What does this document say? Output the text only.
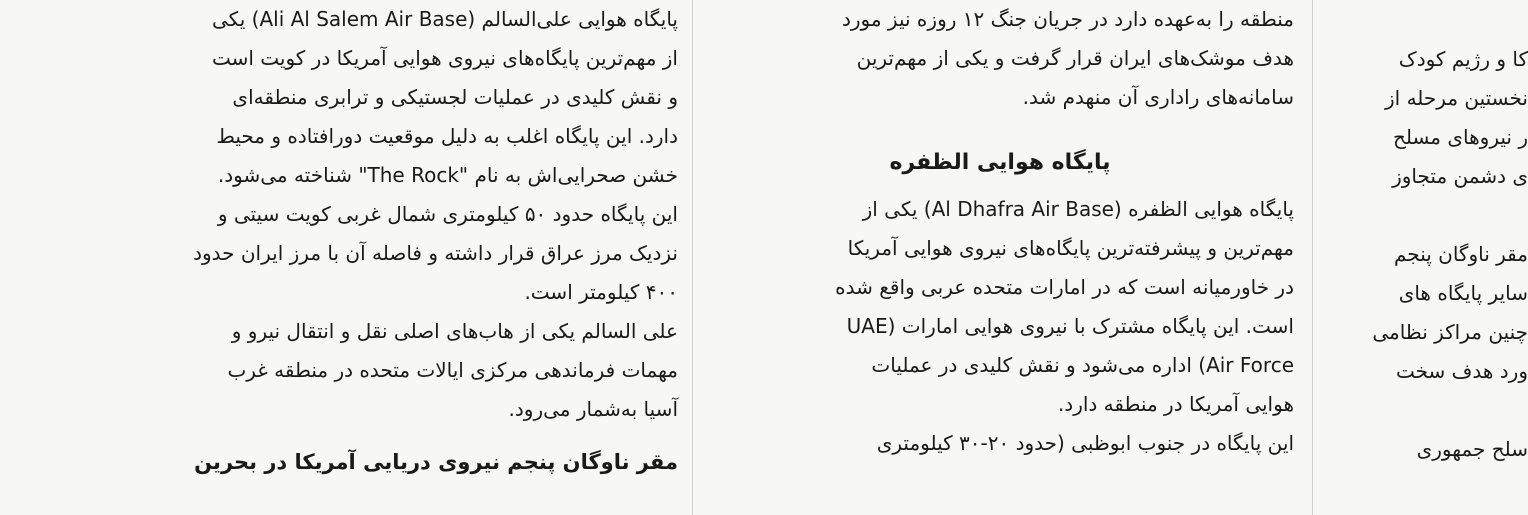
پایگاه هوایی علی‌السالم (Ali Al Salem Air Base) یکی
از مهم‌ترین پایگاه‌های نیروی هوایی آمریکا در کویت است
و نقش کلیدی در عملیات لجستیکی و ترابری منطقه‌ای
دارد. این پایگاه اغلب به دلیل موقعیت دورافتاده و محیط
خشن صحرایی‌اش به نام "The Rock" شناخته می‌شود.
این پایگاه حدود ۵۰ کیلومتری شمال غربی کویت سیتی و
نزدیک مرز عراق قرار داشته و فاصله آن با مرز ایران حدود
۴۰۰ کیلومتر است.
علی السالم یکی از هاب‌های اصلی نقل و انتقال نیرو و
مهمات فرماندهی مرکزی ایالات متحده در منطقه غرب
آسیا به‌شمار می‌رود.

مقر ناوگان پنجم نیروی دریایی آمریکا در بحرین

منطقه را به‌عهده دارد در جریان جنگ ۱۲ روزه نیز مورد
هدف موشک‌های ایران قرار گرفت و یکی از مهم‌ترین
سامانه‌های راداری آن منهدم شد.

پایگاه هوایی الظفره

پایگاه هوایی الظفره (Al Dhafra Air Base) یکی از
مهم‌ترین و پیشرفته‌ترین پایگاه‌های نیروی هوایی آمریکا
در خاورمیانه است که در امارات متحده عربی واقع شده
است. این پایگاه مشترک با نیروی هوایی امارات (UAE
Air Force) اداره می‌شود و نقش کلیدی در عملیات
هوایی آمریکا در منطقه دارد.
این پایگاه در جنوب ابوظبی (حدود ۲۰-۳۰ کیلومتری

کا و رژیم کودک
نخستین مرحله از
ر نیروهای مسلح
ی دشمن متجاوز
مقر ناوگان پنجم
سایر پایگاه های
چنین مراکز نظامی
ورد هدف سخت
سلح جمهوری
